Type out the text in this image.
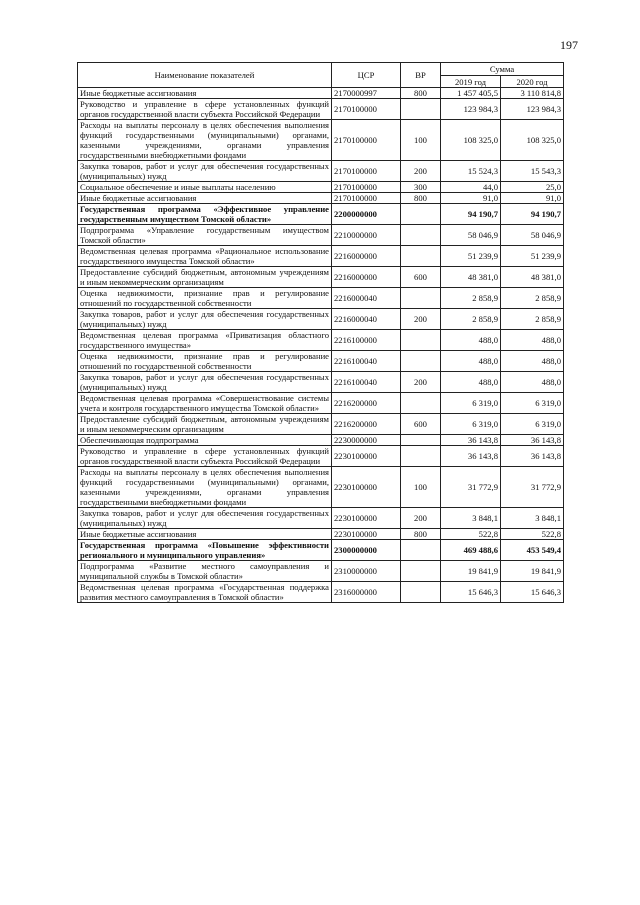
197
Наименование показателей	ЦСР	ВР	Сумма	
			2019 год	2020 год
Иные бюджетные ассигнования	2170000997	800	1 457 405,5	3 110 814,8
Руководство и управление в сфере установленных функций органов государственной власти субъекта Российской Федерации	2170100000		123 984,3	123 984,3
Расходы на выплаты персоналу в целях обеспечения выполнения функций государственными (муниципальными) органами, казенными учреждениями, органами управления государственными внебюджетными фондами	2170100000	100	108 325,0	108 325,0
Закупка товаров, работ и услуг для обеспечения государственных (муниципальных) нужд	2170100000	200	15 524,3	15 543,3
Социальное обеспечение и иные выплаты населению	2170100000	300	44,0	25,0
Иные бюджетные ассигнования	2170100000	800	91,0	91,0
Государственная программа «Эффективное управление государственным имуществом Томской области»	2200000000		94 190,7	94 190,7
Подпрограмма «Управление государственным имуществом Томской области»	2210000000		58 046,9	58 046,9
Ведомственная целевая программа «Рациональное использование государственного имущества Томской области»	2216000000		51 239,9	51 239,9
Предоставление субсидий бюджетным, автономным учреждениям и иным некоммерческим организациям	2216000000	600	48 381,0	48 381,0
Оценка недвижимости, признание прав и регулирование отношений по государственной собственности	2216000040		2 858,9	2 858,9
Закупка товаров, работ и услуг для обеспечения государственных (муниципальных) нужд	2216000040	200	2 858,9	2 858,9
Ведомственная целевая программа «Приватизация областного государственного имущества»	2216100000		488,0	488,0
Оценка недвижимости, признание прав и регулирование отношений по государственной собственности	2216100040		488,0	488,0
Закупка товаров, работ и услуг для обеспечения государственных (муниципальных) нужд	2216100040	200	488,0	488,0
Ведомственная целевая программа «Совершенствование системы учета и контроля государственного имущества Томской области»	2216200000		6 319,0	6 319,0
Предоставление субсидий бюджетным, автономным учреждениям и иным некоммерческим организациям	2216200000	600	6 319,0	6 319,0
Обеспечивающая подпрограмма	2230000000		36 143,8	36 143,8
Руководство и управление в сфере установленных функций органов государственной власти субъекта Российской Федерации	2230100000		36 143,8	36 143,8
Расходы на выплаты персоналу в целях обеспечения выполнения функций государственными (муниципальными) органами, казенными учреждениями, органами управления государственными внебюджетными фондами	2230100000	100	31 772,9	31 772,9
Закупка товаров, работ и услуг для обеспечения государственных (муниципальных) нужд	2230100000	200	3 848,1	3 848,1
Иные бюджетные ассигнования	2230100000	800	522,8	522,8
Государственная программа «Повышение эффективности регионального и муниципального управления»	2300000000		469 488,6	453 549,4
Подпрограмма «Развитие местного самоуправления и муниципальной службы в Томской области»	2310000000		19 841,9	19 841,9
Ведомственная целевая программа «Государственная поддержка развития местного самоуправления в Томской области»	2316000000		15 646,3	15 646,3
